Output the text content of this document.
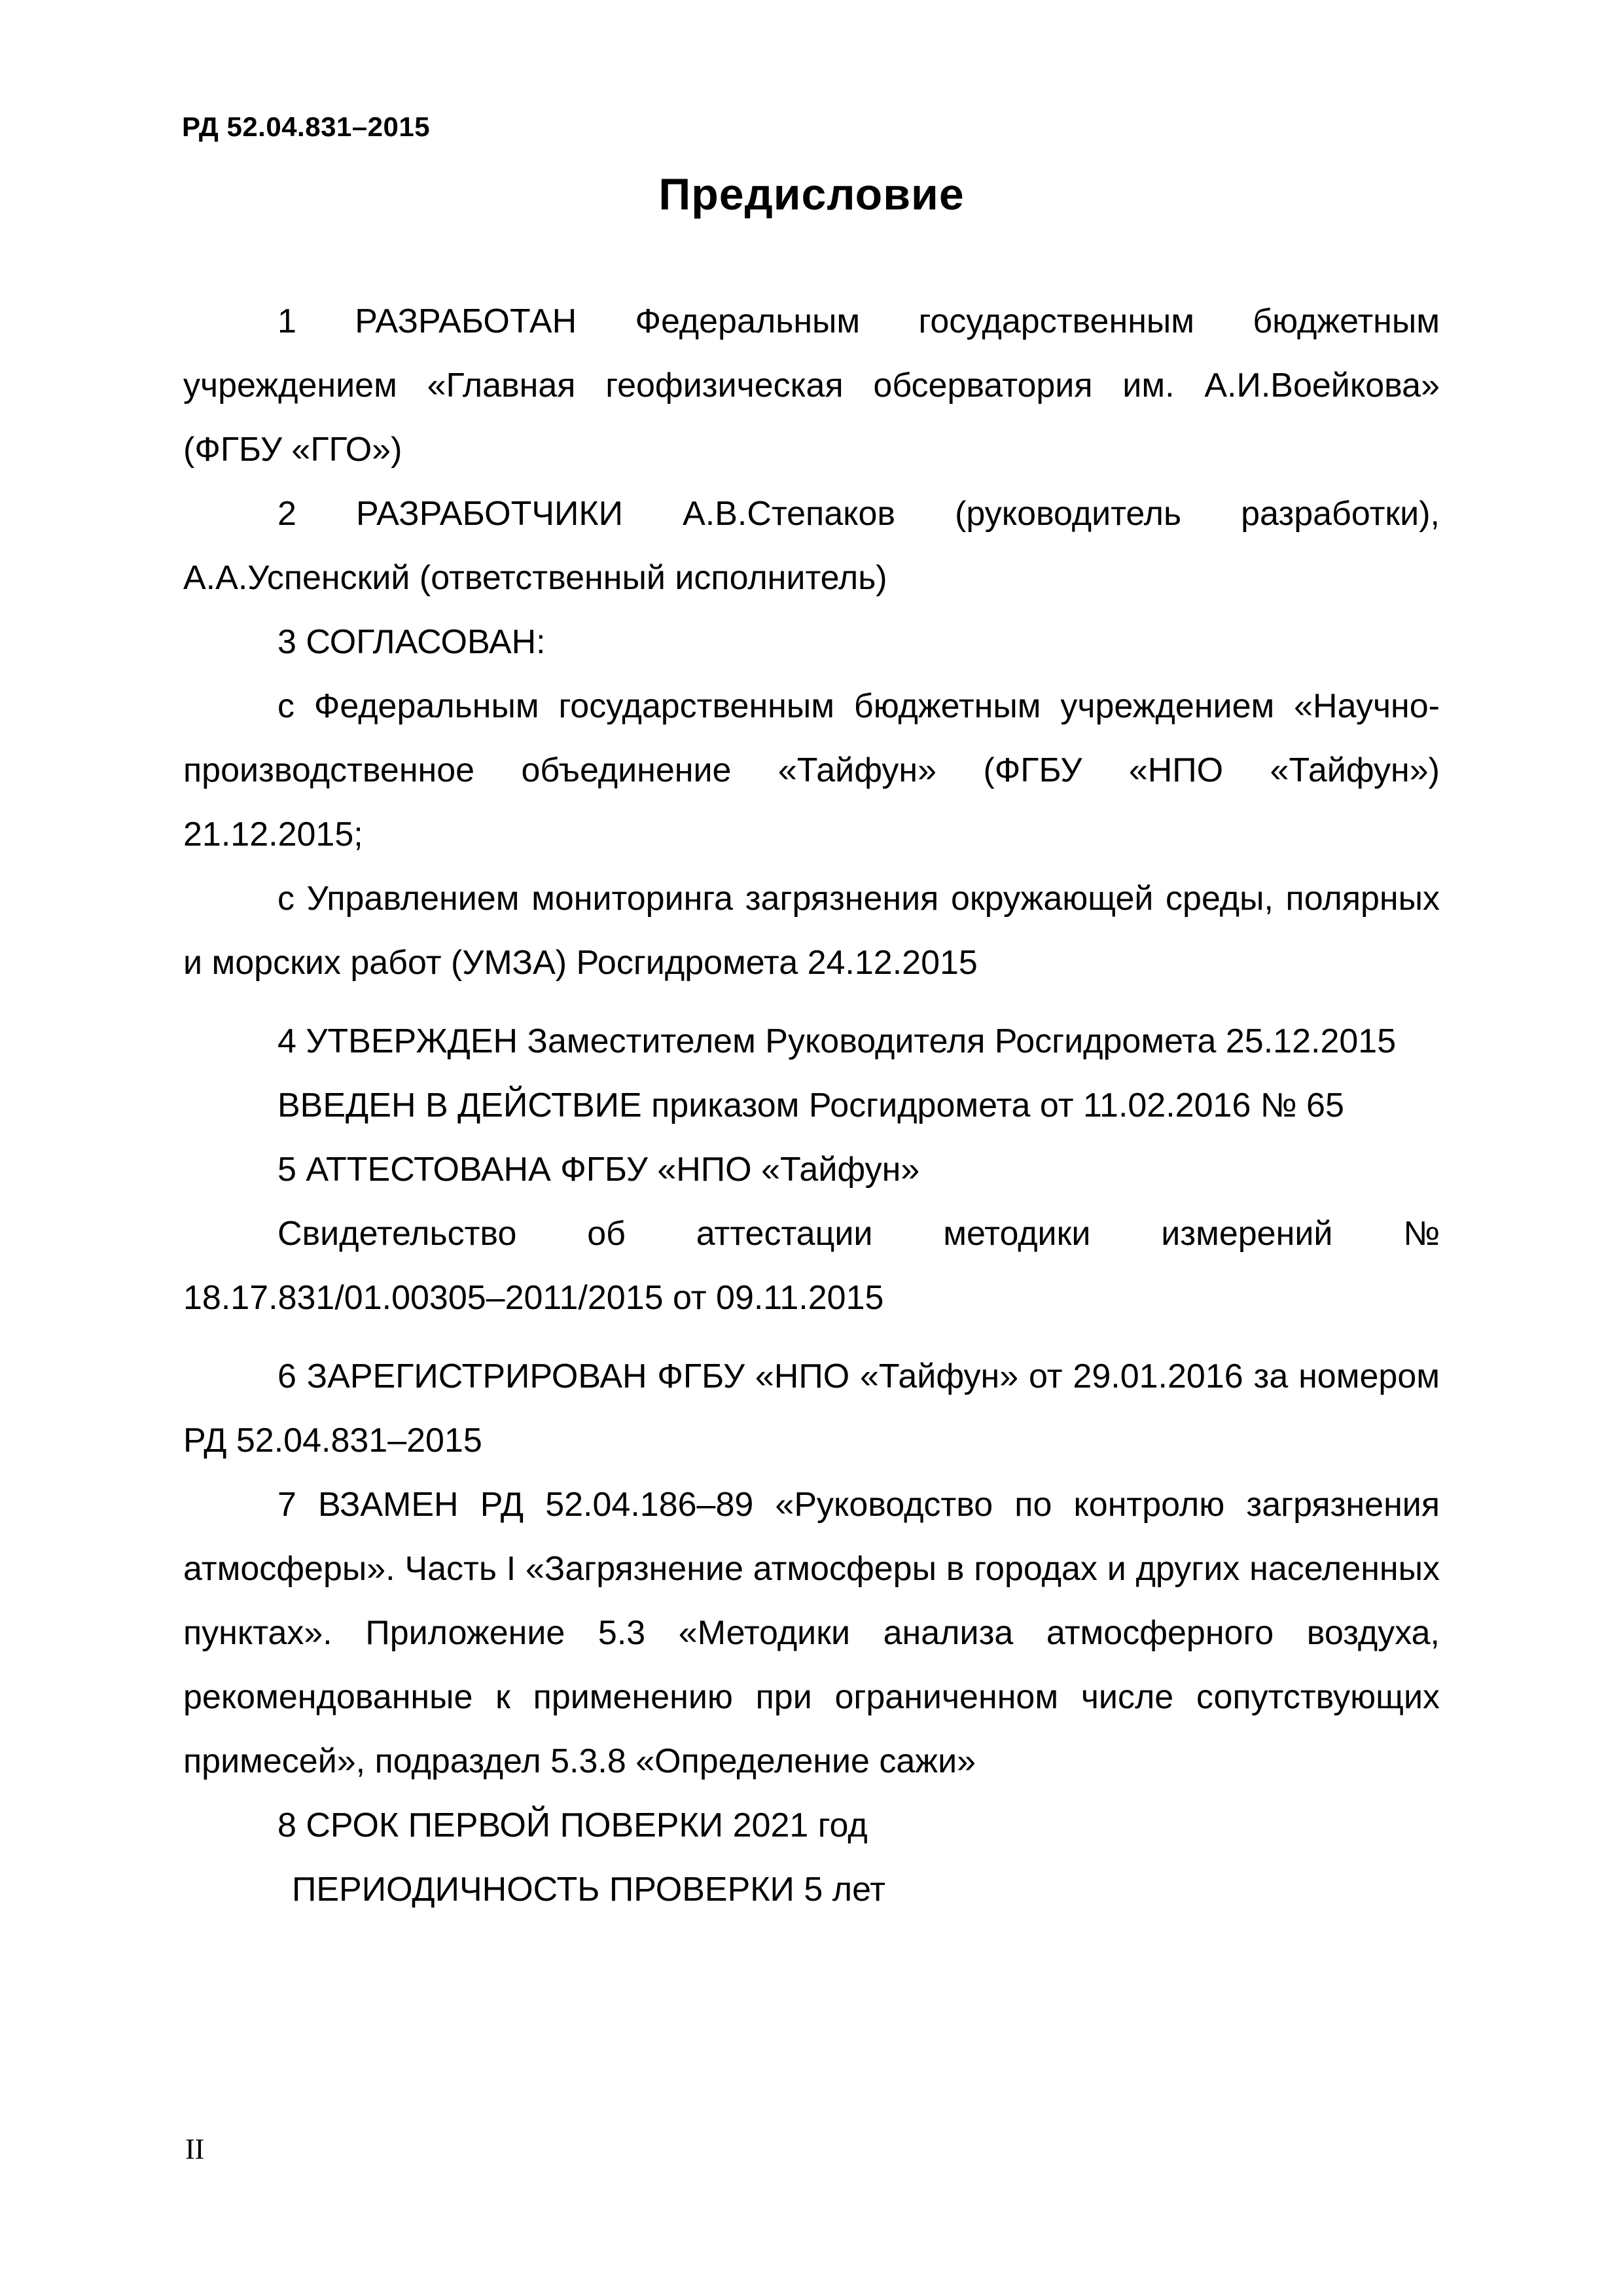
РД 52.04.831–2015
Предисловие

1 РАЗРАБОТАН Федеральным государственным бюджетным учреждением «Главная геофизическая обсерватория им. А.И.Воейкова» (ФГБУ «ГГО»)

2 РАЗРАБОТЧИКИ А.В.Степаков (руководитель разработки), А.А.Успенский (ответственный исполнитель)

3 СОГЛАСОВАН:

с Федеральным государственным бюджетным учреждением «Научно-производственное объединение «Тайфун» (ФГБУ «НПО «Тайфун») 21.12.2015;

с Управлением мониторинга загрязнения окружающей среды, полярных и морских работ (УМЗА) Росгидромета 24.12.2015

4 УТВЕРЖДЕН Заместителем Руководителя Росгидромета 25.12.2015

ВВЕДЕН В ДЕЙСТВИЕ приказом Росгидромета от 11.02.2016 № 65

5 АТТЕСТОВАНА ФГБУ «НПО «Тайфун»

Свидетельство об аттестации методики измерений № 18.17.831/01.00305–2011/2015 от 09.11.2015

6 ЗАРЕГИСТРИРОВАН ФГБУ «НПО «Тайфун» от 29.01.2016 за номером РД 52.04.831–2015

7 ВЗАМЕН РД 52.04.186–89 «Руководство по контролю загрязнения атмосферы». Часть I «Загрязнение атмосферы в городах и других населенных пунктах». Приложение 5.3 «Методики анализа атмосферного воздуха, рекомендованные к применению при ограниченном числе сопутствующих примесей», подраздел 5.3.8 «Определение сажи»

8 СРОК ПЕРВОЙ ПОВЕРКИ 2021 год

ПЕРИОДИЧНОСТЬ ПРОВЕРКИ 5 лет

II
